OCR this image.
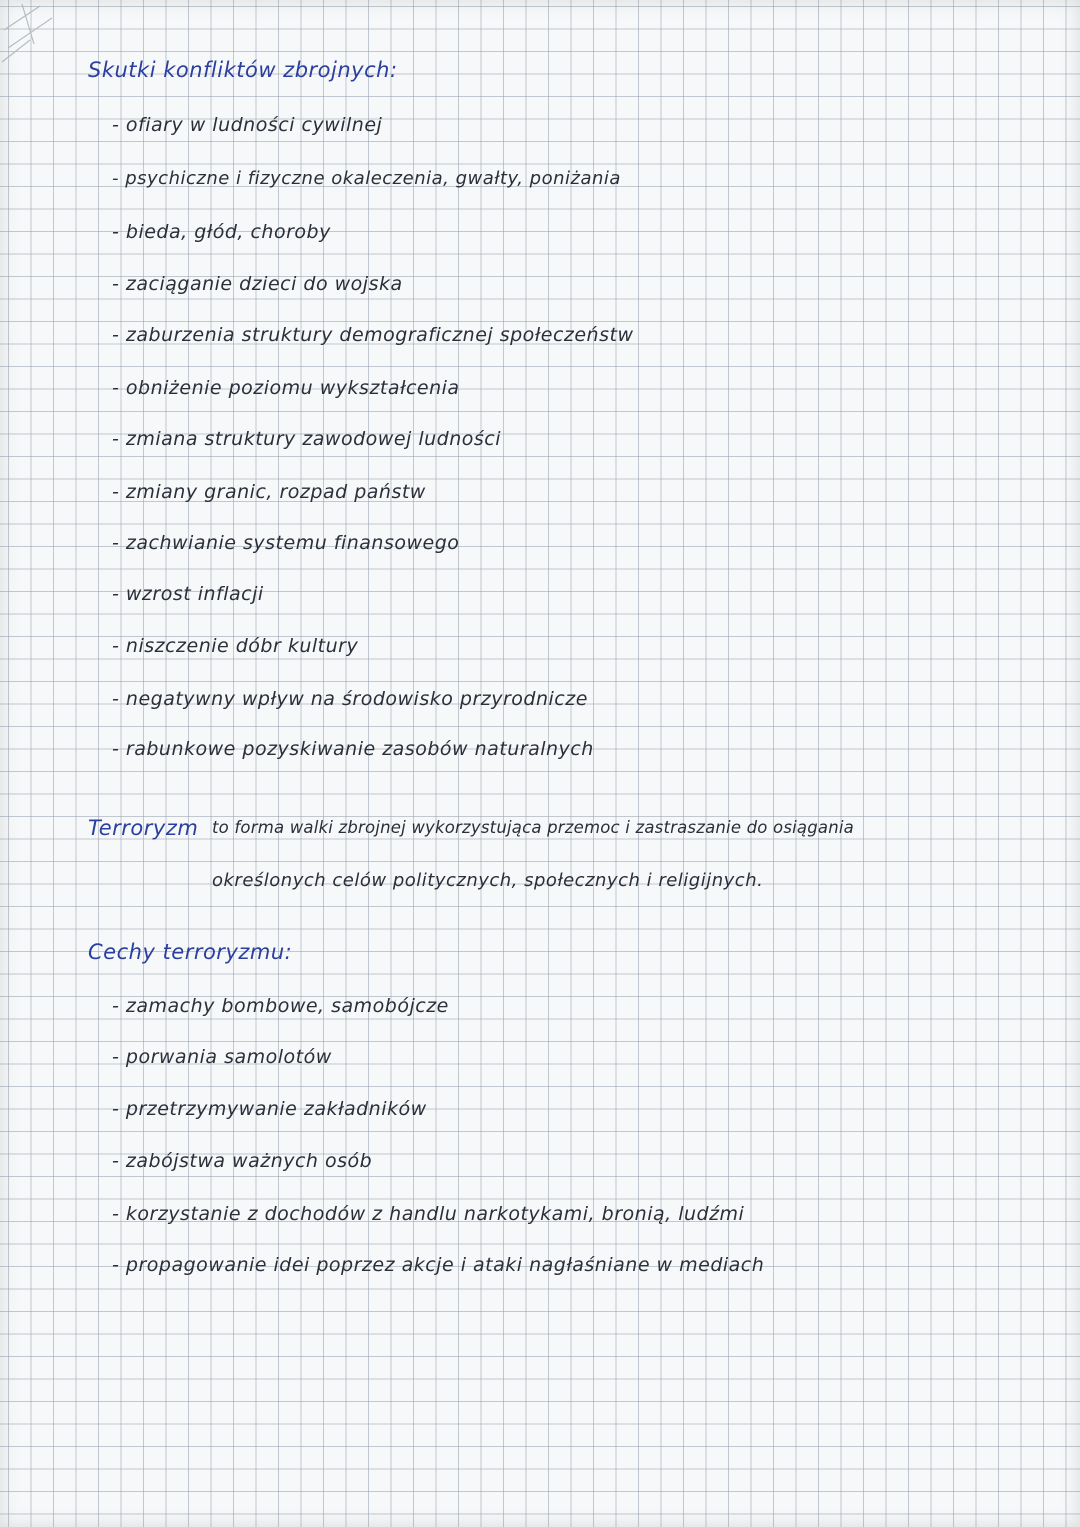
Skutki konfliktów zbrojnych:
- ofiary w ludności cywilnej
- psychiczne i fizyczne okaleczenia, gwałty, poniżania
- bieda, głód, choroby
- zaciąganie dzieci do wojska
- zaburzenia struktury demograficznej społeczeństw
- obniżenie poziomu wykształcenia
- zmiana struktury zawodowej ludności
- zmiany granic, rozpad państw
- zachwianie systemu finansowego
- wzrost inflacji
- niszczenie dóbr kultury
- negatywny wpływ na środowisko przyrodnicze
- rabunkowe pozyskiwanie zasobów naturalnych
Terroryzm to forma walki zbrojnej wykorzystująca przemoc i zastraszanie do osiągania
określonych celów politycznych, społecznych i religijnych.
Cechy terroryzmu:
- zamachy bombowe, samobójcze
- porwania samolotów
- przetrzymywanie zakładników
- zabójstwa ważnych osób
- korzystanie z dochodów z handlu narkotykami, bronią, ludźmi
- propagowanie idei poprzez akcje i ataki nagłaśniane w mediach
